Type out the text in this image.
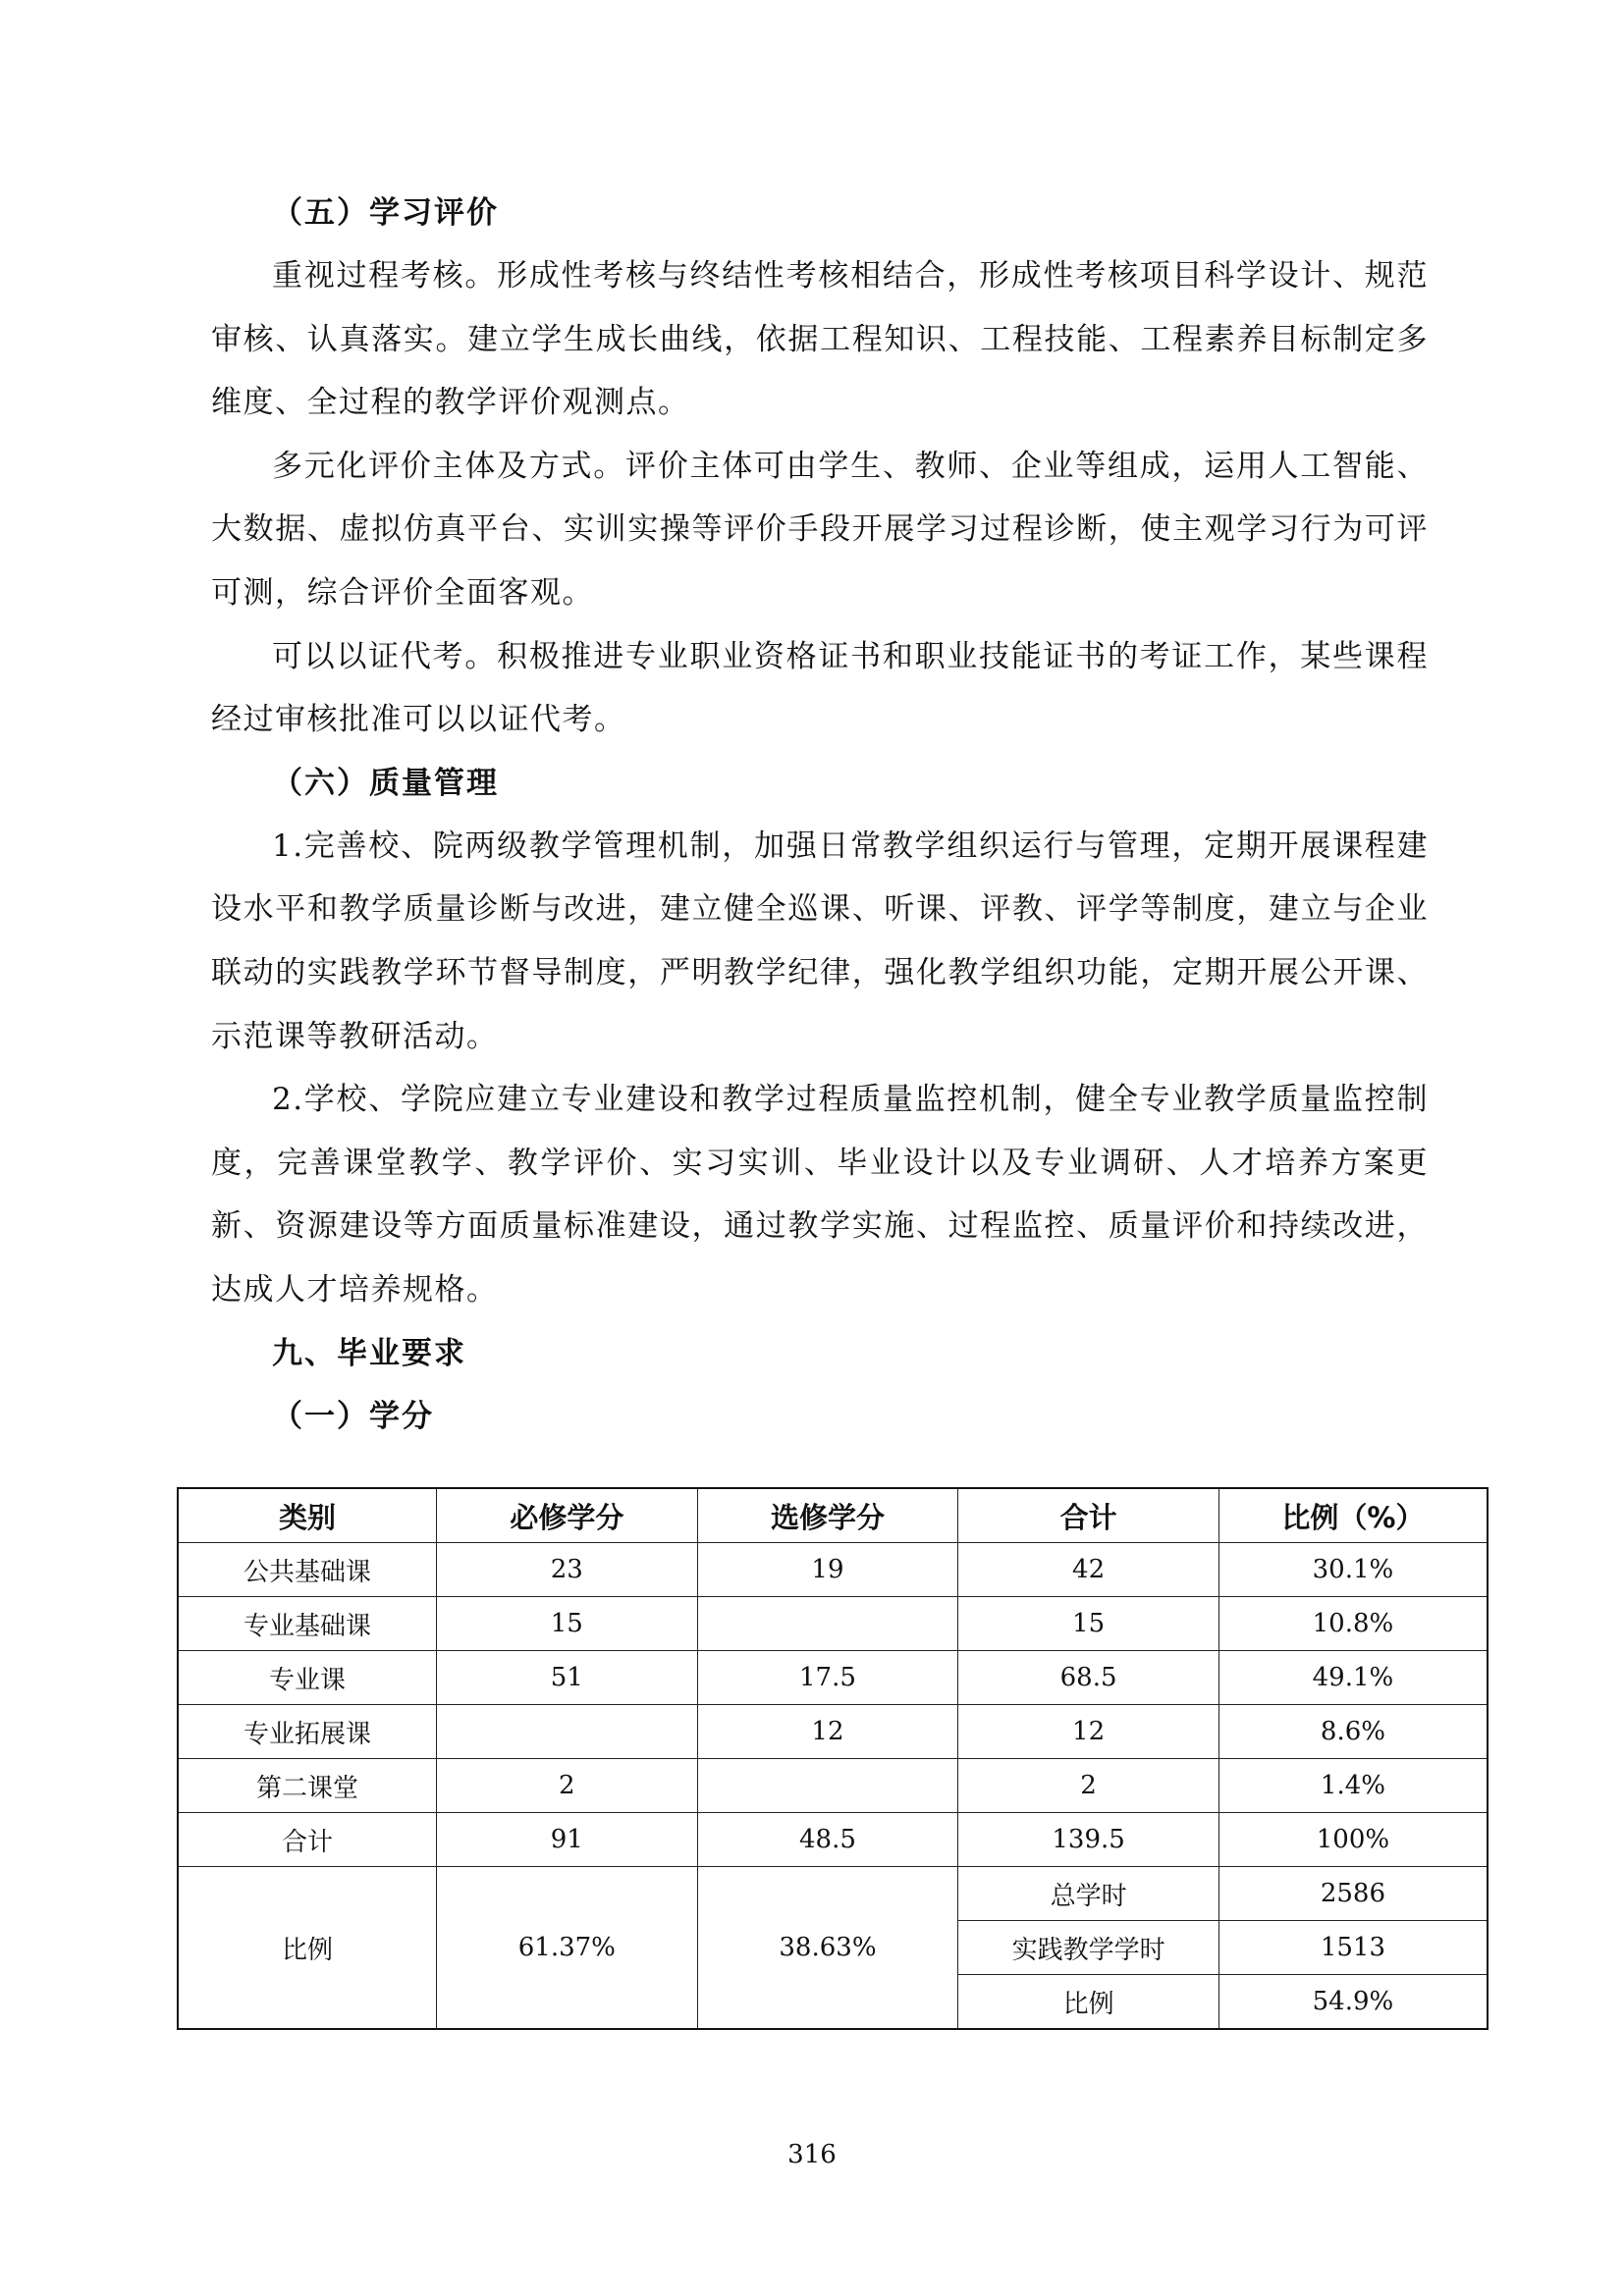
（五）学习评价

重视过程考核。形成性考核与终结性考核相结合，形成性考核项目科学设计、规范审核、认真落实。建立学生成长曲线，依据工程知识、工程技能、工程素养目标制定多维度、全过程的教学评价观测点。

多元化评价主体及方式。评价主体可由学生、教师、企业等组成，运用人工智能、大数据、虚拟仿真平台、实训实操等评价手段开展学习过程诊断，使主观学习行为可评可测，综合评价全面客观。

可以以证代考。积极推进专业职业资格证书和职业技能证书的考证工作，某些课程经过审核批准可以以证代考。

（六）质量管理

1.完善校、院两级教学管理机制，加强日常教学组织运行与管理，定期开展课程建设水平和教学质量诊断与改进，建立健全巡课、听课、评教、评学等制度，建立与企业联动的实践教学环节督导制度，严明教学纪律，强化教学组织功能，定期开展公开课、示范课等教研活动。

2.学校、学院应建立专业建设和教学过程质量监控机制，健全专业教学质量监控制度，完善课堂教学、教学评价、实习实训、毕业设计以及专业调研、人才培养方案更新、资源建设等方面质量标准建设，通过教学实施、过程监控、质量评价和持续改进，达成人才培养规格。

九、毕业要求
（一）学分
类别	必修学分	选修学分	合计	比例（%）
公共基础课	23	19	42	30.1%
专业基础课	15		15	10.8%
专业课	51	17.5	68.5	49.1%
专业拓展课		12	12	8.6%
第二课堂	2		2	1.4%
合计	91	48.5	139.5	100%
比例	61.37%	38.63%	总学时	2586
			实践教学学时	1513
			比例	54.9%
316
